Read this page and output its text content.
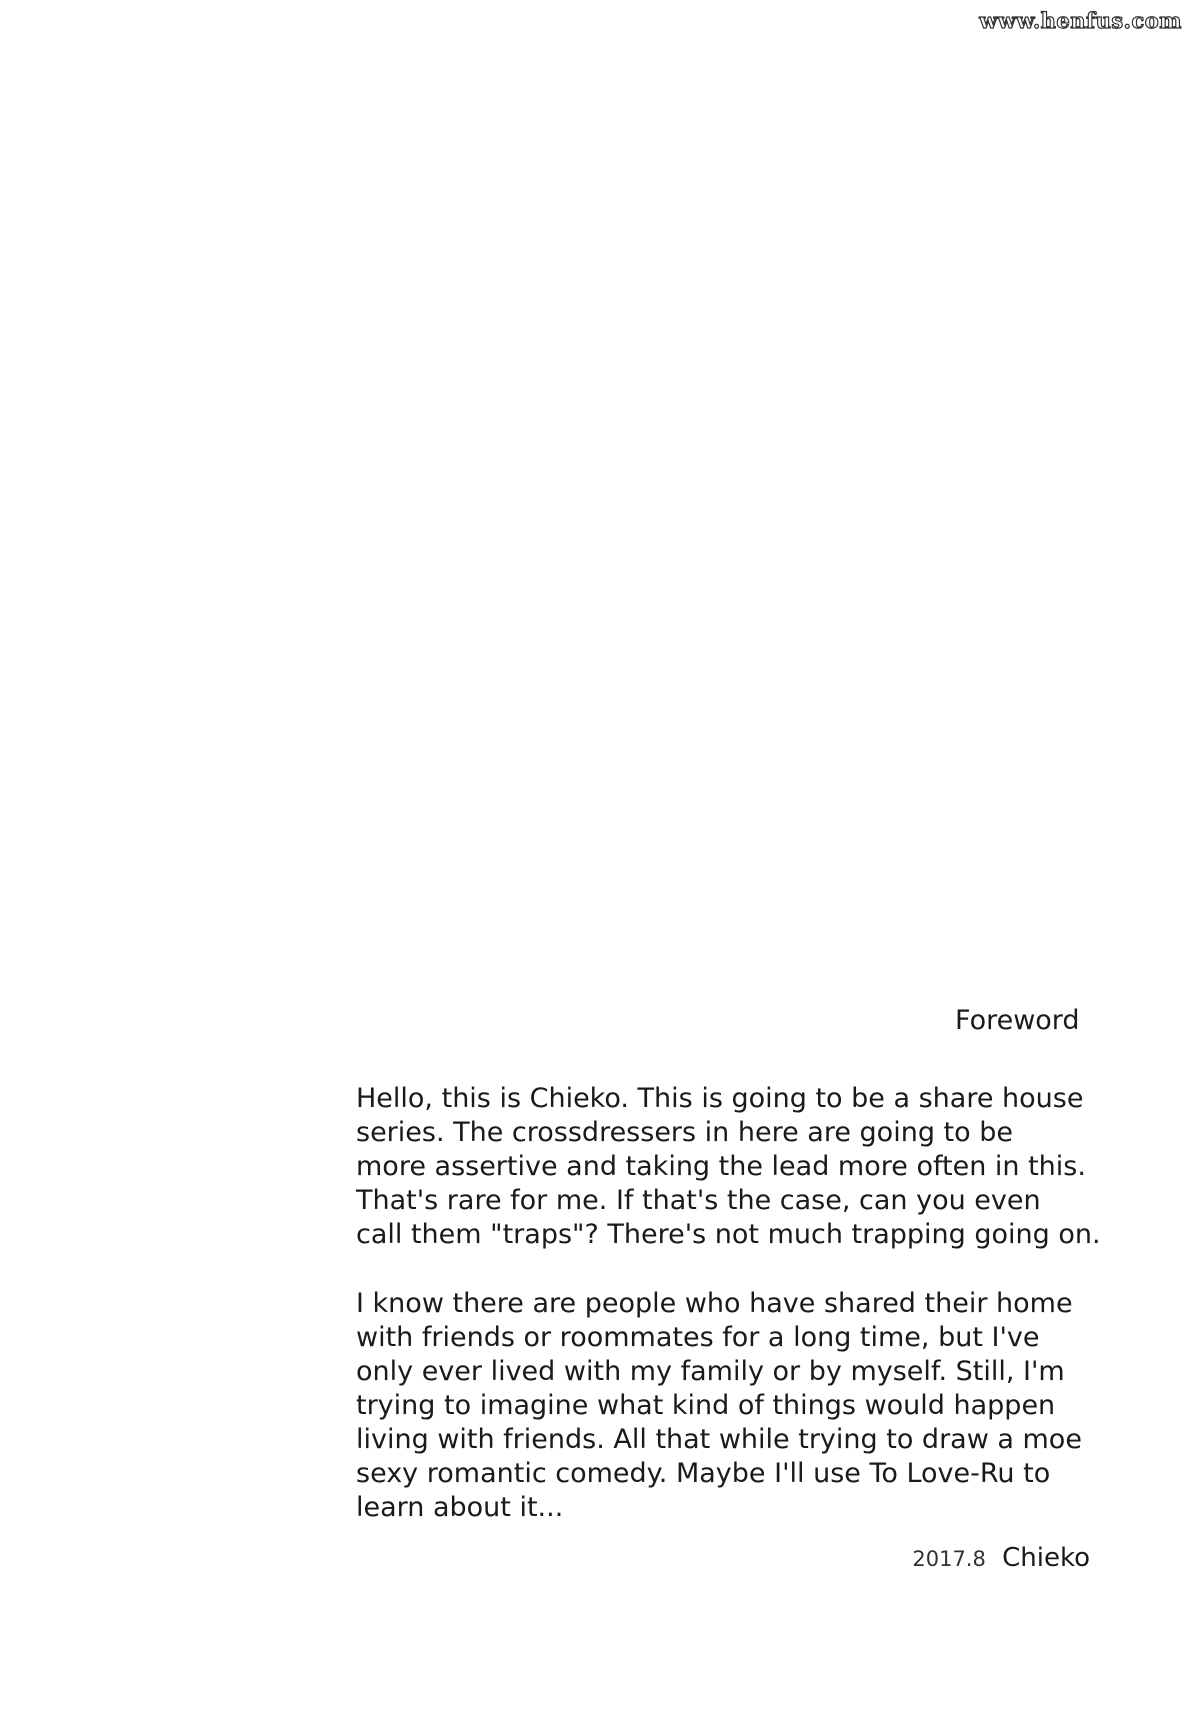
www.henfus.com
Foreword
Hello, this is Chieko. This is going to be a share house
series. The crossdressers in here are going to be
more assertive and taking the lead more often in this.
That's rare for me. If that's the case, can you even
call them "traps"? There's not much trapping going on.
I know there are people who have shared their home
with friends or roommates for a long time, but I've
only ever lived with my family or by myself. Still, I'm
trying to imagine what kind of things would happen
living with friends. All that while trying to draw a moe
sexy romantic comedy. Maybe I'll use To Love-Ru to
learn about it...
2017.8 Chieko
